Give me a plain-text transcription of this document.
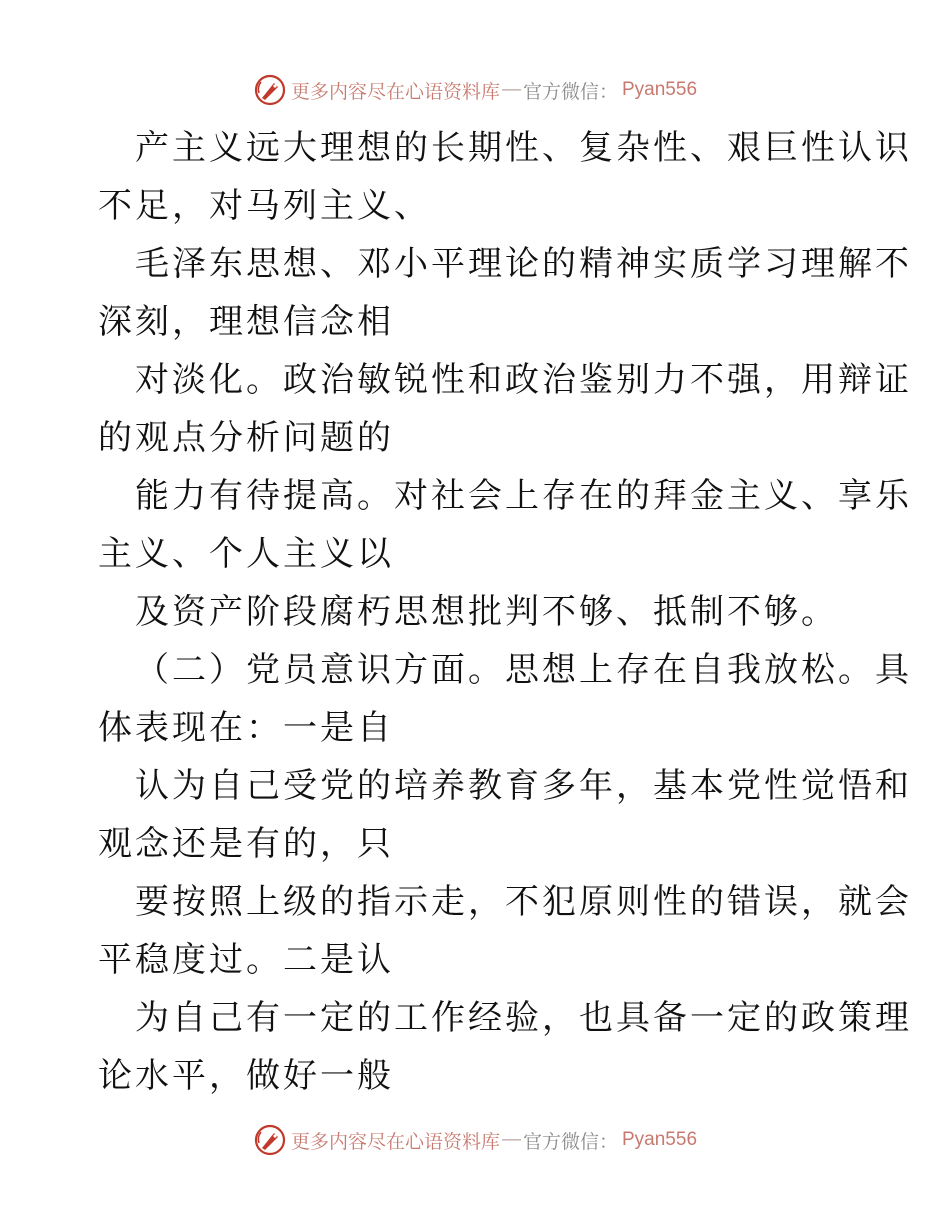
更多内容尽在心语资料库 — 官方微信： Pyan556
产主义远大理想的长期性、复杂性、艰巨性认识
不足，对马列主义、
毛泽东思想、邓小平理论的精神实质学习理解不
深刻，理想信念相
对淡化。政治敏锐性和政治鉴别力不强，用辩证
的观点分析问题的
能力有待提高。对社会上存在的拜金主义、享乐
主义、个人主义以
及资产阶段腐朽思想批判不够、抵制不够。
（二）党员意识方面。思想上存在自我放松。具
体表现在：一是自
认为自己受党的培养教育多年，基本党性觉悟和
观念还是有的，只
要按照上级的指示走，不犯原则性的错误，就会
平稳度过。二是认
为自己有一定的工作经验，也具备一定的政策理
论水平，做好一般
更多内容尽在心语资料库 — 官方微信： Pyan556
